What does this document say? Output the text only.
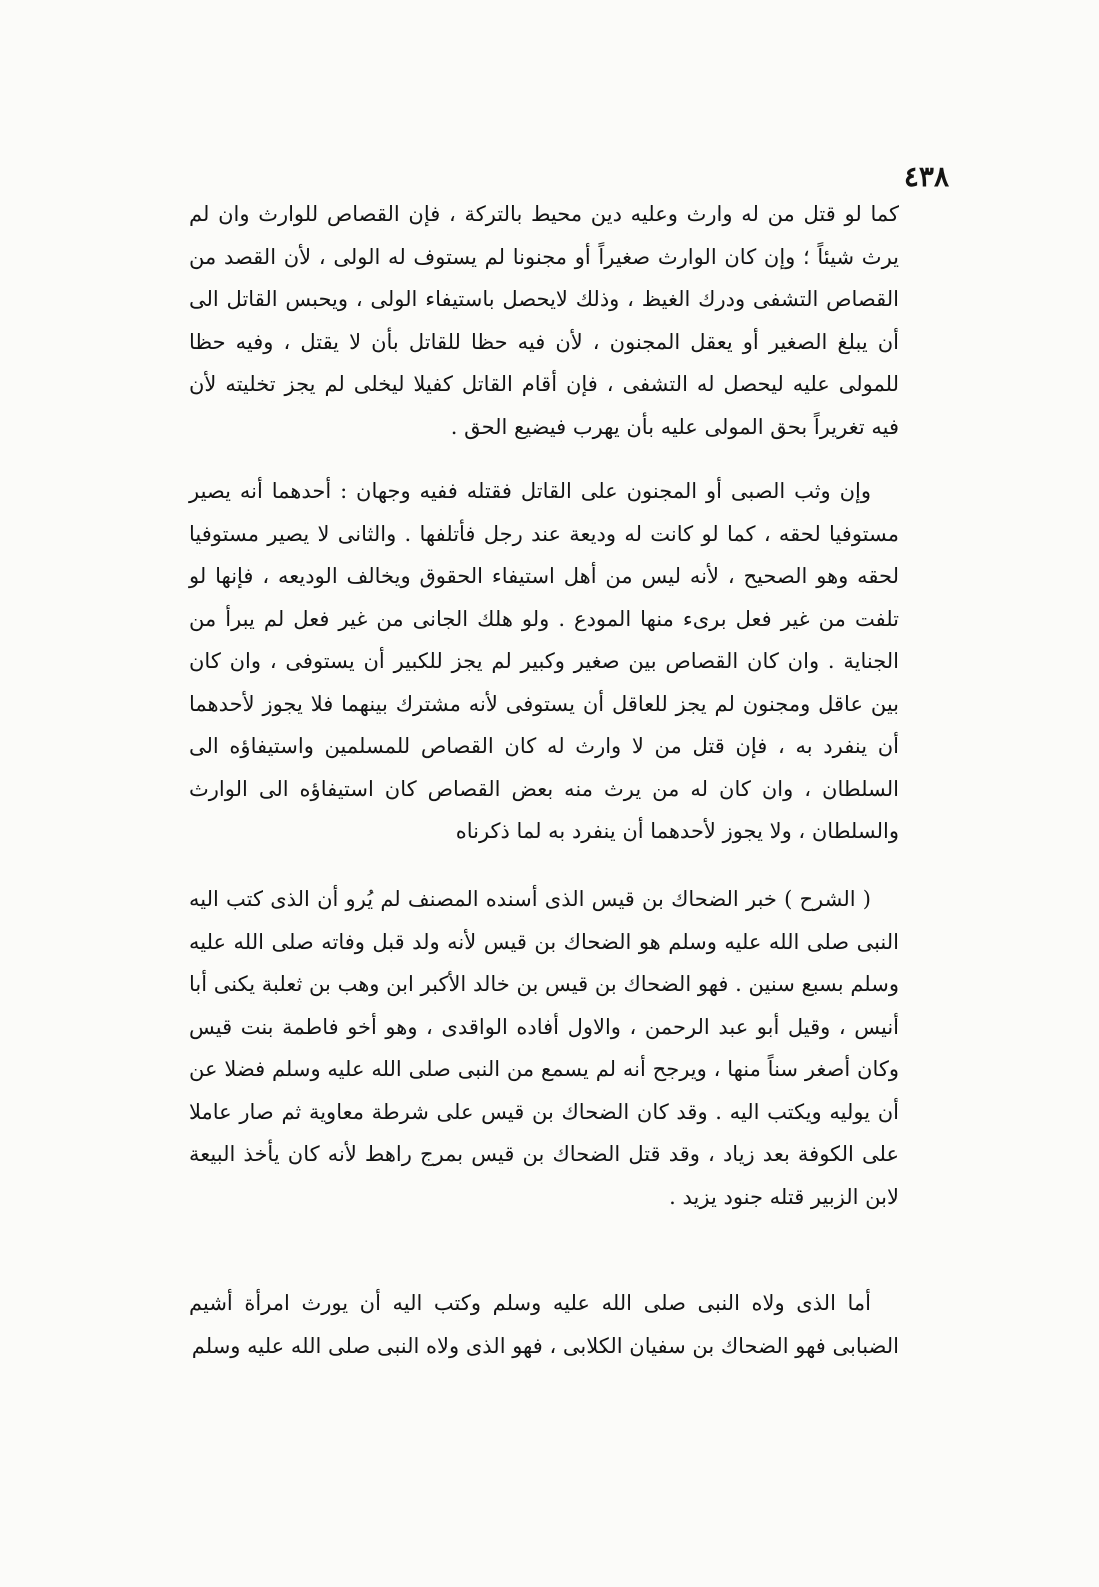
٤٣٨

كما لو قتل من له وارث وعليه دين محيط بالتركة ، فإن القصاص للوارث وان لم يرث شيئاً ؛ وإن كان الوارث صغيراً أو مجنونا لم يستوف له الولى ، لأن القصد من القصاص التشفى ودرك الغيظ ، وذلك لايحصل باستيفاء الولى ، ويحبس القاتل الى أن يبلغ الصغير أو يعقل المجنون ، لأن فيه حظا للقاتل بأن لا يقتل ، وفيه حظا للمولى عليه ليحصل له التشفى ، فإن أقام القاتل كفيلا ليخلى لم يجز تخليته لأن فيه تغريراً بحق المولى عليه بأن يهرب فيضيع الحق .

وإن وثب الصبى أو المجنون على القاتل فقتله ففيه وجهان : أحدهما أنه يصير مستوفيا لحقه ، كما لو كانت له وديعة عند رجل فأتلفها . والثانى لا يصير مستوفيا لحقه وهو الصحيح ، لأنه ليس من أهل استيفاء الحقوق ويخالف الوديعه ، فإنها لو تلفت من غير فعل برىء منها المودع . ولو هلك الجانى من غير فعل لم يبرأ من الجناية . وان كان القصاص بين صغير وكبير لم يجز للكبير أن يستوفى ، وان كان بين عاقل ومجنون لم يجز للعاقل أن يستوفى لأنه مشترك بينهما فلا يجوز لأحدهما أن ينفرد به ، فإن قتل من لا وارث له كان القصاص للمسلمين واستيفاؤه الى السلطان ، وان كان له من يرث منه بعض القصاص كان استيفاؤه الى الوارث والسلطان ، ولا يجوز لأحدهما أن ينفرد به لما ذكرناه

( الشرح ) خبر الضحاك بن قيس الذى أسنده المصنف لم يُرو أن الذى كتب اليه النبى صلى الله عليه وسلم هو الضحاك بن قيس لأنه ولد قبل وفاته صلى الله عليه وسلم بسبع سنين . فهو الضحاك بن قيس بن خالد الأكبر ابن وهب بن ثعلبة يكنى أبا أنيس ، وقيل أبو عبد الرحمن ، والاول أفاده الواقدى ، وهو أخو فاطمة بنت قيس وكان أصغر سناً منها ، ويرجح أنه لم يسمع من النبى صلى الله عليه وسلم فضلا عن أن يوليه ويكتب اليه . وقد كان الضحاك بن قيس على شرطة معاوية ثم صار عاملا على الكوفة بعد زياد ، وقد قتل الضحاك بن قيس بمرج راهط لأنه كان يأخذ البيعة لابن الزبير قتله جنود يزيد .

أما الذى ولاه النبى صلى الله عليه وسلم وكتب اليه أن يورث امرأة أشيم الضبابى فهو الضحاك بن سفيان الكلابى ، فهو الذى ولاه النبى صلى الله عليه وسلم
